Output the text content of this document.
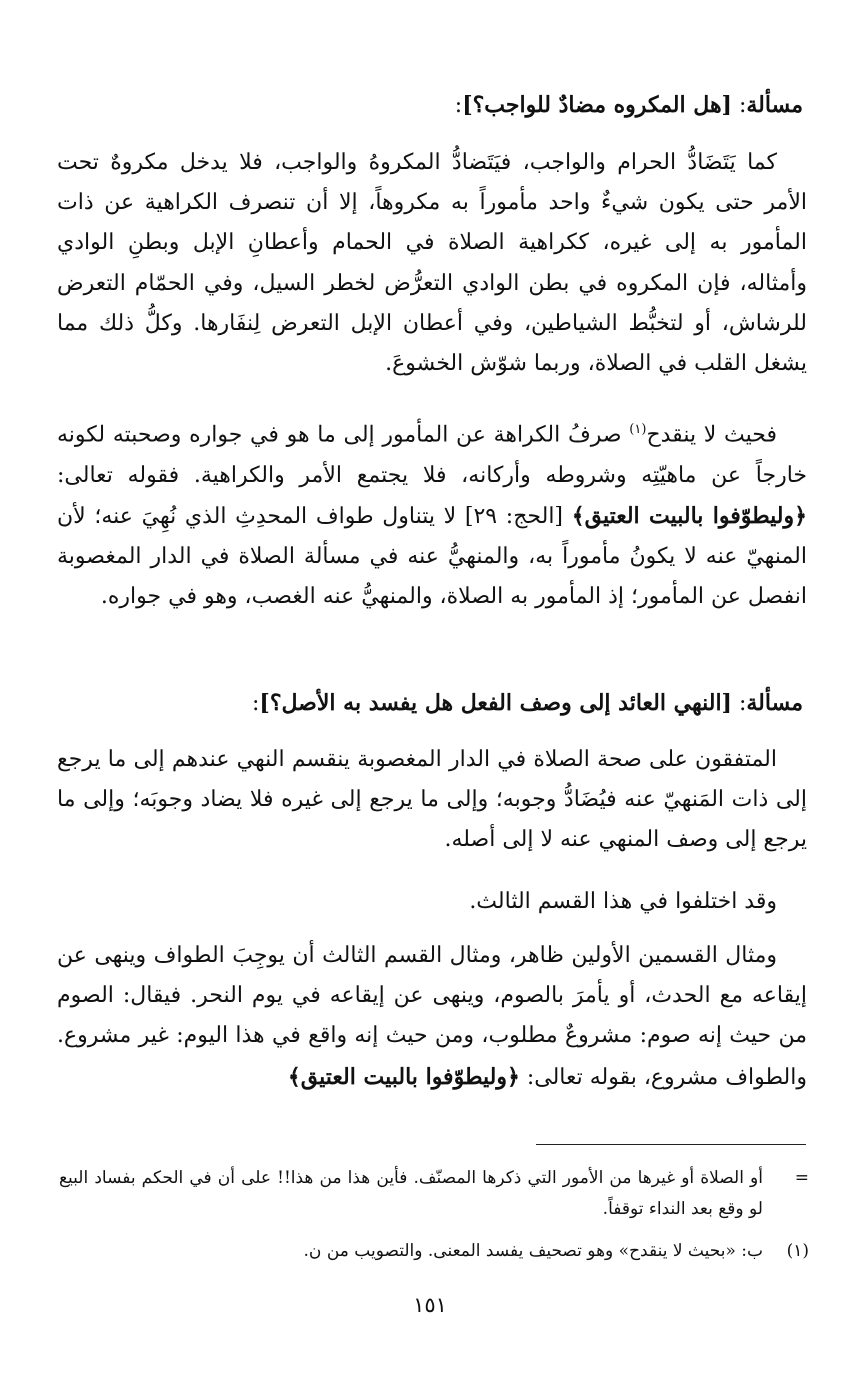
مسألة: [هل المكروه مضادٌ للواجب؟]:

كما يَتَضَادُّ الحرام والواجب، فيَتَضادُّ المكروهُ والواجب، فلا يدخل مكروهٌ تحت الأمر حتى يكون شيءٌ واحد مأموراً به مكروهاً، إلا أن تنصرف الكراهية عن ذات المأمور به إلى غيره، ككراهية الصلاة في الحمام وأعطانِ الإبل وبطنِ الوادي وأمثاله، فإن المكروه في بطن الوادي التعرُّض لخطر السيل، وفي الحمّام التعرض للرشاش، أو لتخبُّط الشياطين، وفي أعطان الإبل التعرض لِنفَارها. وكلُّ ذلك مما يشغل القلب في الصلاة، وربما شوّش الخشوعَ.

فحيث لا ينقدح$^{(١)}$ صرفُ الكراهة عن المأمور إلى ما هو في جواره وصحبته لكونه خارجاً عن ماهيّتِه وشروطه وأركانه، فلا يجتمع الأمر والكراهية. فقوله تعالى: ﴿وليطوّفوا بالبيت العتيق﴾ [الحج: ٢٩] لا يتناول طواف المحدِثِ الذي نُهِيَ عنه؛ لأن المنهيّ عنه لا يكونُ مأموراً به، والمنهيُّ عنه في مسألة الصلاة في الدار المغصوبة انفصل عن المأمور؛ إذ المأمور به الصلاة، والمنهيُّ عنه الغصب، وهو في جواره.

مسألة: [النهي العائد إلى وصف الفعل هل يفسد به الأصل؟]:

المتفقون على صحة الصلاة في الدار المغصوبة ينقسم النهي عندهم إلى ما يرجع إلى ذات المَنهيّ عنه فيُضَادُّ وجوبه؛ وإلى ما يرجع إلى غيره فلا يضاد وجوبَه؛ وإلى ما يرجع إلى وصف المنهي عنه لا إلى أصله.

وقد اختلفوا في هذا القسم الثالث.

ومثال القسمين الأولين ظاهر، ومثال القسم الثالث أن يوجِبَ الطواف وينهى عن إيقاعه مع الحدث، أو يأمرَ بالصوم، وينهى عن إيقاعه في يوم النحر. فيقال: الصوم من حيث إنه صوم: مشروعٌ مطلوب، ومن حيث إنه واقع في هذا اليوم: غير مشروع. والطواف مشروع، بقوله تعالى: ﴿وليطوّفوا بالبيت العتيق﴾

=
أو الصلاة أو غيرها من الأمور التي ذكرها المصنّف. فأين هذا من هذا!! على أن في الحكم بفساد البيع لو وقع بعد النداء توقفاً.
(١)
ب: «بحيث لا ينقدح» وهو تصحيف يفسد المعنى. والتصويب من ن.
١٥١
